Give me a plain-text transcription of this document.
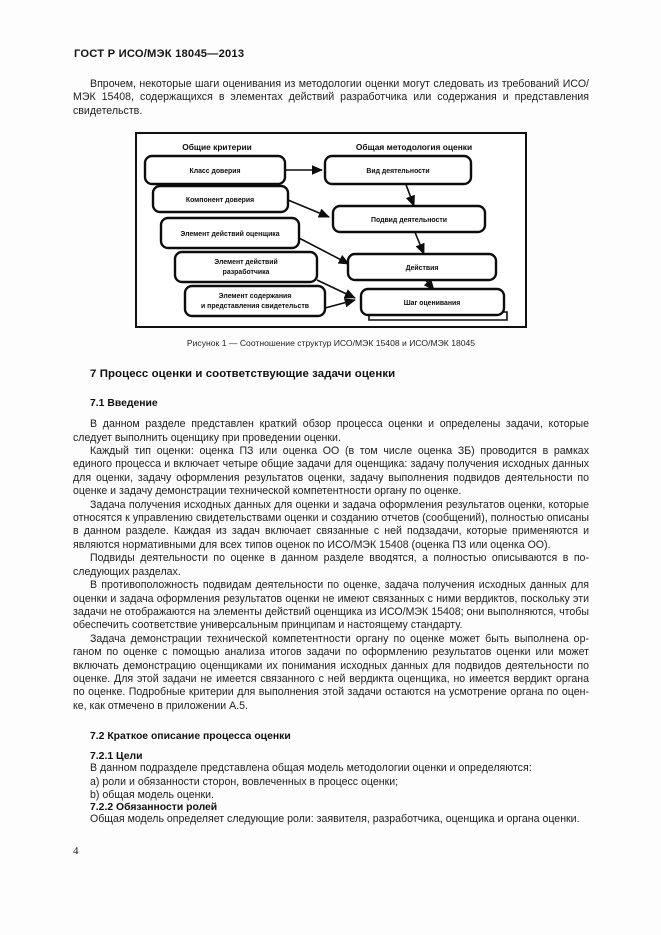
ГОСТ Р ИСО/МЭК 18045—2013

Впрочем, некоторые шаги оценивания из методологии оценки могут следовать из требований ИСО/МЭК 15408, содержащихся в элементах действий разработчика или содержания и представления свидетельств.

Общие критерии	Общая методология оценки
Класс доверия
Компонент доверия
Элемент действий оценщика
Элемент действий
разработчика
Элемент содержания
и представления свидетельств
Вид деятельности
Подвид деятельности
Действия
Шаг оценивания
Рисунок 1 — Соотношение структур ИСО/МЭК 15408 и ИСО/МЭК 18045
7 Процесс оценки и соответствующие задачи оценки
7.1 Введение

В данном разделе представлен краткий обзор процесса оценки и определены задачи, которые следует выполнить оценщику при проведении оценки.

Каждый тип оценки: оценка ПЗ или оценка ОО (в том числе оценка ЗБ) проводится в рамках единого процесса и включает четыре общие задачи для оценщика: задачу получения исходных данных для оценки, задачу оформления результатов оценки, задачу выполнения подвидов деятельности по оценке и задачу демонстрации технической компетентности органу по оценке.

Задача получения исходных данных для оценки и задача оформления результатов оценки, которые относятся к управлению свидетельствами оценки и созданию отчетов (сообщений), полностью описаны в данном разделе. Каждая из задач включает связанные с ней подзадачи, которые применяются и являются нормативными для всех типов оценок по ИСО/МЭК 15408 (оценка ПЗ или оценка ОО).

Подвиды деятельности по оценке в данном разделе вводятся, а полностью описываются в последующих разделах.

В противоположность подвидам деятельности по оценке, задача получения исходных данных для оценки и задача оформления результатов оценки не имеют связанных с ними вердиктов, поскольку эти задачи не отображаются на элементы действий оценщика из ИСО/МЭК 15408; они выполняются, чтобы обеспечить соответствие универсальным принципам и настоящему стандарту.

Задача демонстрации технической компетентности органу по оценке может быть выполнена органом по оценке с помощью анализа итогов задачи по оформлению результатов оценки или может включать демонстрацию оценщиками их понимания исходных данных для подвидов деятельности по оценке. Для этой задачи не имеется связанного с ней вердикта оценщика, но имеется вердикт органа по оценке. Подробные критерии для выполнения этой задачи остаются на усмотрение органа по оценке, как отмечено в приложении А.5.

7.2 Краткое описание процесса оценки
7.2.1 Цели

В данном подразделе представлена общая модель методологии оценки и определяются:

a) роли и обязанности сторон, вовлеченных в процесс оценки;

b) общая модель оценки.

7.2.2 Обязанности ролей

Общая модель определяет следующие роли: заявителя, разработчика, оценщика и органа оценки.

4
